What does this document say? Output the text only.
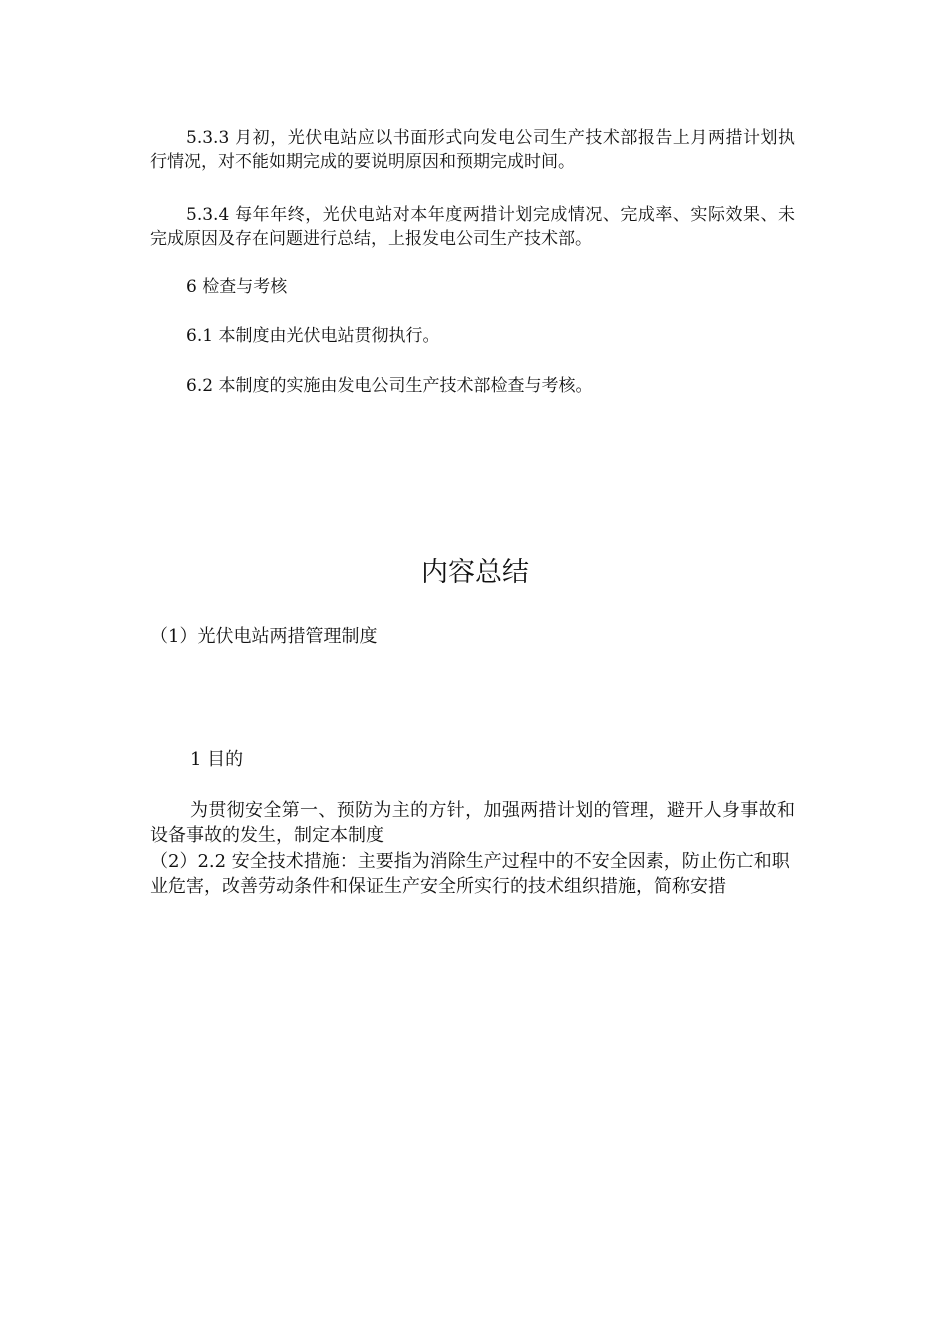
5.3.3 月初，光伏电站应以书面形式向发电公司生产技术部报告上月两措计划执行情况，对不能如期完成的要说明原因和预期完成时间。

5.3.4 每年年终，光伏电站对本年度两措计划完成情况、完成率、实际效果、未完成原因及存在问题进行总结，上报发电公司生产技术部。

6 检查与考核

6.1 本制度由光伏电站贯彻执行。

6.2 本制度的实施由发电公司生产技术部检查与考核。

内容总结

（1）光伏电站两措管理制度

1 目的

为贯彻安全第一、预防为主的方针，加强两措计划的管理，避开人身事故和设备事故的发生，制定本制度

（2）2.2 安全技术措施：主要指为消除生产过程中的不安全因素，防止伤亡和职业危害，改善劳动条件和保证生产安全所实行的技术组织措施，简称安措
